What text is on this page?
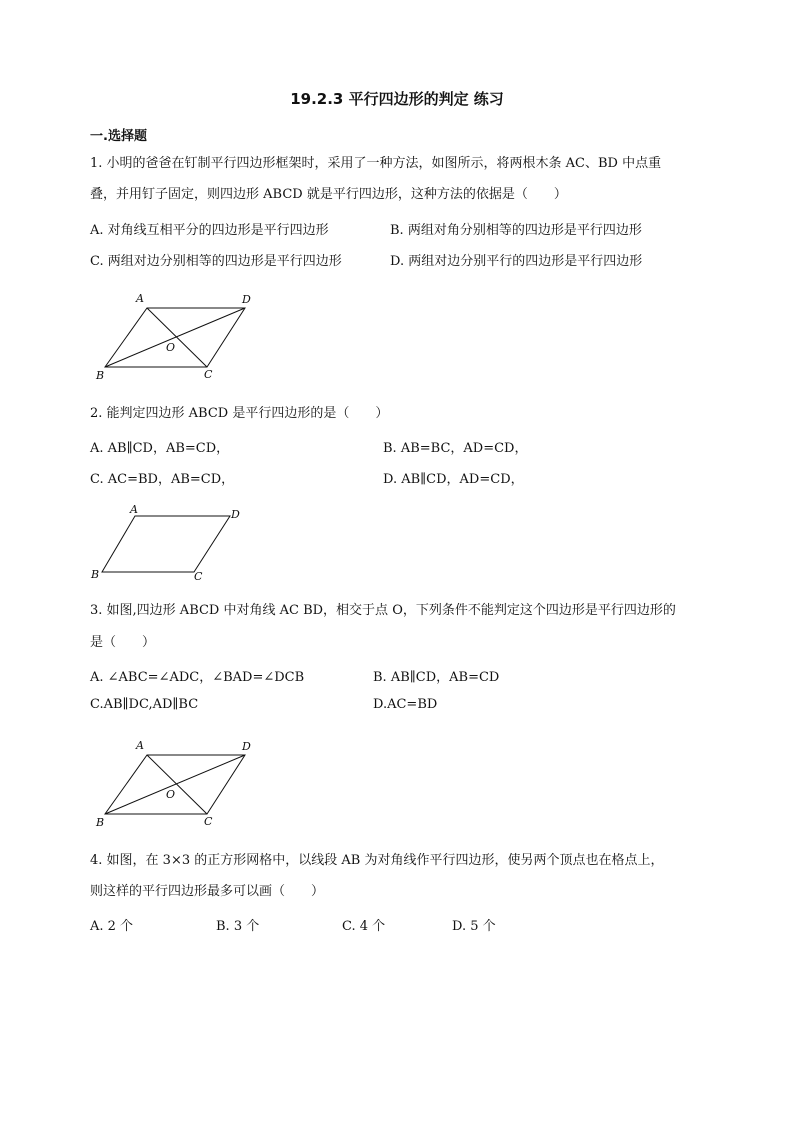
19.2.3 平行四边形的判定 练习
一.选择题
1. 小明的爸爸在钉制平行四边形框架时，采用了一种方法，如图所示，将两根木条 AC、BD 中点重
叠，并用钉子固定，则四边形 ABCD 就是平行四边形，这种方法的依据是（　　）
A. 对角线互相平分的四边形是平行四边形	B. 两组对角分别相等的四边形是平行四边形
C. 两组对边分别相等的四边形是平行四边形	D. 两组对边分别平行的四边形是平行四边形
A	D
B	C
O
2. 能判定四边形 ABCD 是平行四边形的是（　　）
A. AB∥CD，AB=CD，	B. AB=BC，AD=CD，
C. AC=BD，AB=CD，	D. AB∥CD，AD=CD，
A	D
B	C
3. 如图,四边形 ABCD 中对角线 AC BD，相交于点 O，下列条件不能判定这个四边形是平行四边形的
是（　　）
A. ∠ABC=∠ADC，∠BAD=∠DCB	B. AB∥CD，AB=CD
C.AB∥DC,AD∥BC	D.AC=BD
A	D
B	C
O
4. 如图，在 3×3 的正方形网格中，以线段 AB 为对角线作平行四边形，使另两个顶点也在格点上，
则这样的平行四边形最多可以画（　　）
A. 2 个	B. 3 个	C. 4 个	D. 5 个
